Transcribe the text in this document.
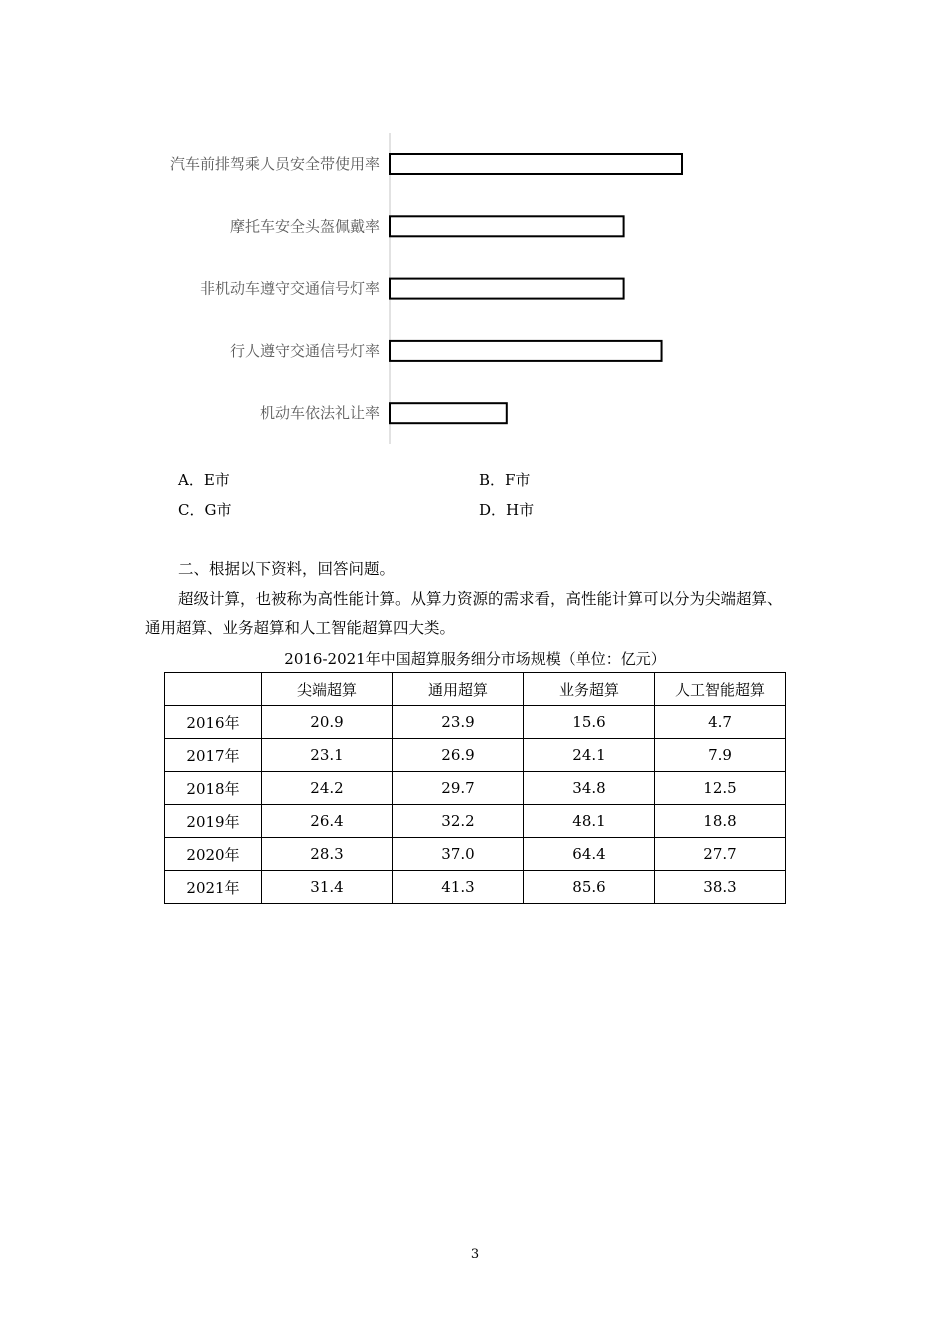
汽车前排驾乘人员安全带使用率
摩托车安全头盔佩戴率
非机动车遵守交通信号灯率
行人遵守交通信号灯率
机动车依法礼让率
A．E市	B．F市
C．G市	D．H市
二、根据以下资料，回答问题。
超级计算，也被称为高性能计算。从算力资源的需求看，高性能计算可以分为尖端超算、
通用超算、业务超算和人工智能超算四大类。
2016-2021年中国超算服务细分市场规模（单位：亿元）
	尖端超算	通用超算	业务超算	人工智能超算
2016年	20.9	23.9	15.6	4.7
2017年	23.1	26.9	24.1	7.9
2018年	24.2	29.7	34.8	12.5
2019年	26.4	32.2	48.1	18.8
2020年	28.3	37.0	64.4	27.7
2021年	31.4	41.3	85.6	38.3
3
